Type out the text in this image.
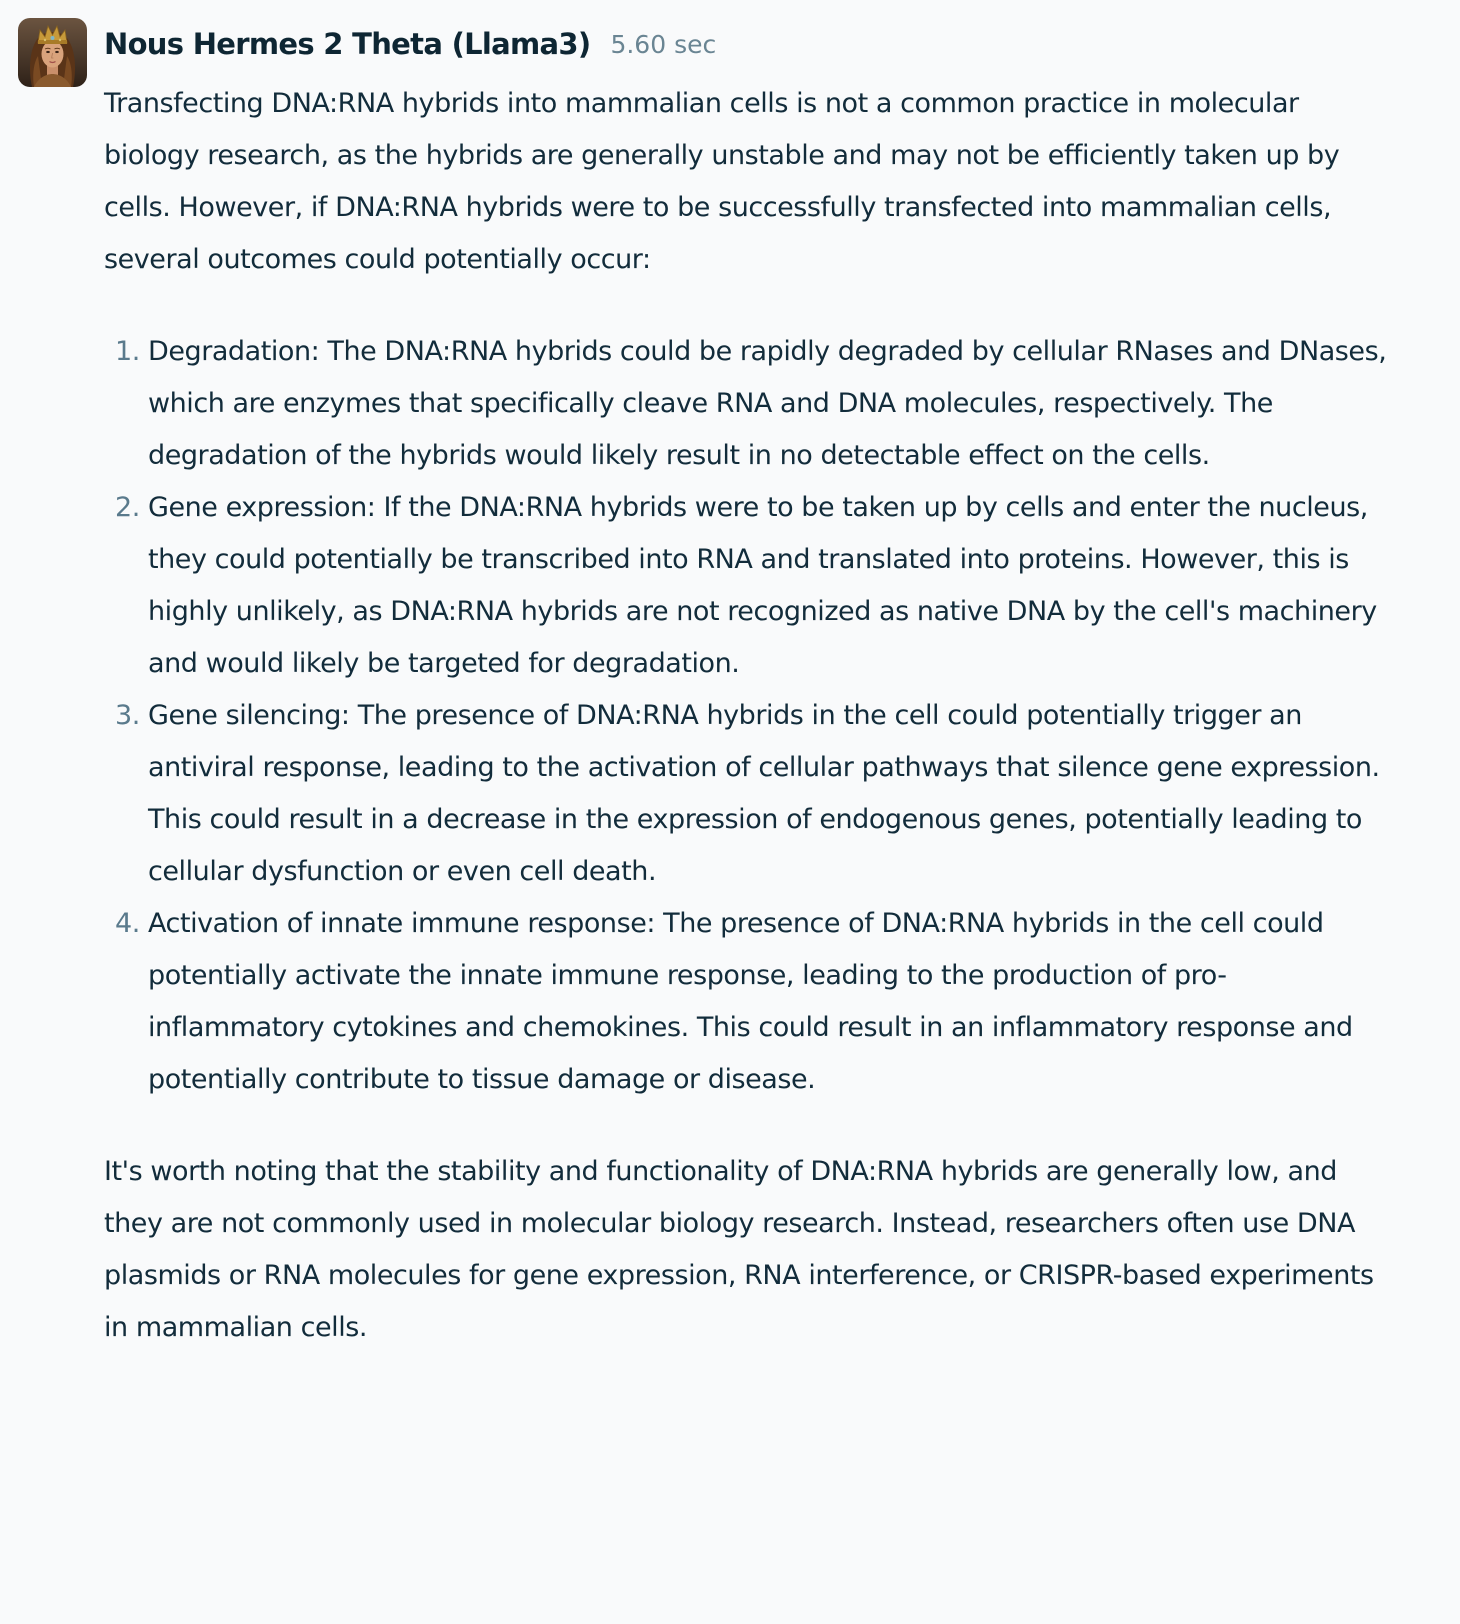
Nous Hermes 2 Theta (Llama3) 5.60 sec

Transfecting DNA:RNA hybrids into mammalian cells is not a common practice in molecular biology research, as the hybrids are generally unstable and may not be efficiently taken up by cells. However, if DNA:RNA hybrids were to be successfully transfected into mammalian cells, several outcomes could potentially occur:

1. Degradation: The DNA:RNA hybrids could be rapidly degraded by cellular RNases and DNases, which are enzymes that specifically cleave RNA and DNA molecules, respectively. The degradation of the hybrids would likely result in no detectable effect on the cells.
2. Gene expression: If the DNA:RNA hybrids were to be taken up by cells and enter the nucleus, they could potentially be transcribed into RNA and translated into proteins. However, this is highly unlikely, as DNA:RNA hybrids are not recognized as native DNA by the cell's machinery and would likely be targeted for degradation.
3. Gene silencing: The presence of DNA:RNA hybrids in the cell could potentially trigger an antiviral response, leading to the activation of cellular pathways that silence gene expression. This could result in a decrease in the expression of endogenous genes, potentially leading to cellular dysfunction or even cell death.
4. Activation of innate immune response: The presence of DNA:RNA hybrids in the cell could potentially activate the innate immune response, leading to the production of pro-inflammatory cytokines and chemokines. This could result in an inflammatory response and potentially contribute to tissue damage or disease.

It's worth noting that the stability and functionality of DNA:RNA hybrids are generally low, and they are not commonly used in molecular biology research. Instead, researchers often use DNA plasmids or RNA molecules for gene expression, RNA interference, or CRISPR-based experiments in mammalian cells.
